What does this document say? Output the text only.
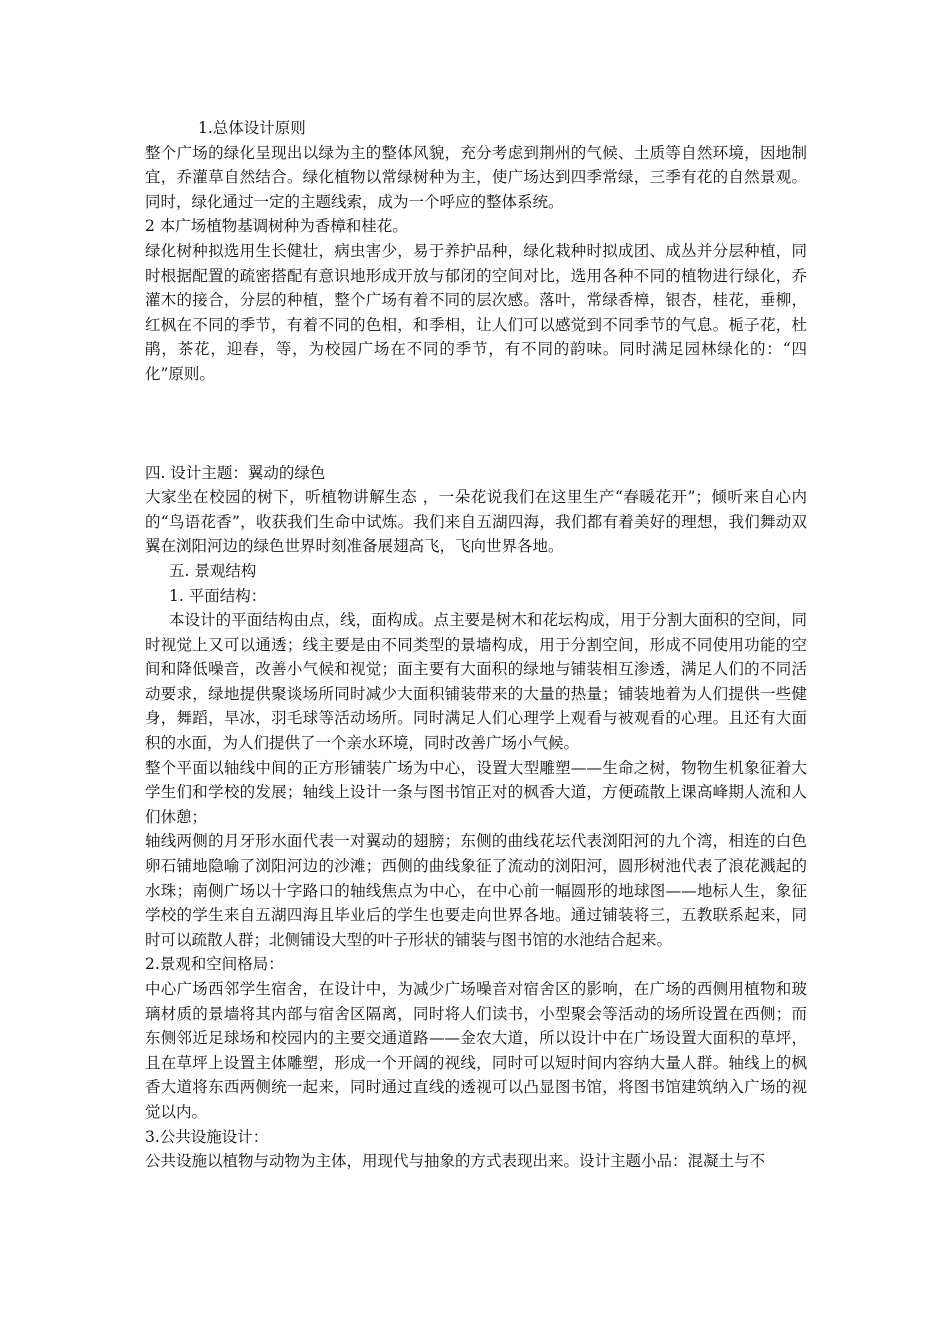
1.总体设计原则

整个广场的绿化呈现出以绿为主的整体风貌，充分考虑到荆州的气候、土质等自然环境，因地制宜，乔灌草自然结合。绿化植物以常绿树种为主，使广场达到四季常绿，三季有花的自然景观。同时，绿化通过一定的主题线索，成为一个呼应的整体系统。

2 本广场植物基调树种为香樟和桂花。

绿化树种拟选用生长健壮，病虫害少，易于养护品种，绿化栽种时拟成团、成丛并分层种植，同时根据配置的疏密搭配有意识地形成开放与郁闭的空间对比，选用各种不同的植物进行绿化，乔灌木的接合，分层的种植，整个广场有着不同的层次感。落叶，常绿香樟，银杏，桂花，垂柳，红枫在不同的季节，有着不同的色相，和季相，让人们可以感觉到不同季节的气息。栀子花，杜鹃，茶花，迎春，等，为校园广场在不同的季节，有不同的韵味。同时满足园林绿化的：“四化”原则。

四. 设计主题：翼动的绿色

大家坐在校园的树下，听植物讲解生态 ，一朵花说我们在这里生产“春暖花开”；倾听来自心内的“鸟语花香”，收获我们生命中试炼。我们来自五湖四海，我们都有着美好的理想，我们舞动双翼在浏阳河边的绿色世界时刻准备展翅高飞，飞向世界各地。

五. 景观结构

1. 平面结构：

本设计的平面结构由点，线，面构成。点主要是树木和花坛构成，用于分割大面积的空间，同时视觉上又可以通透；线主要是由不同类型的景墙构成，用于分割空间，形成不同使用功能的空间和降低噪音，改善小气候和视觉；面主要有大面积的绿地与铺装相互渗透，满足人们的不同活动要求，绿地提供聚谈场所同时减少大面积铺装带来的大量的热量；铺装地着为人们提供一些健身，舞蹈，旱冰，羽毛球等活动场所。同时满足人们心理学上观看与被观看的心理。且还有大面积的水面，为人们提供了一个亲水环境，同时改善广场小气候。

整个平面以轴线中间的正方形铺装广场为中心，设置大型雕塑——生命之树，物物生机象征着大学生们和学校的发展；轴线上设计一条与图书馆正对的枫香大道，方便疏散上课高峰期人流和人们休憩；

轴线两侧的月牙形水面代表一对翼动的翅膀；东侧的曲线花坛代表浏阳河的九个湾，相连的白色卵石铺地隐喻了浏阳河边的沙滩；西侧的曲线象征了流动的浏阳河，圆形树池代表了浪花溅起的水珠；南侧广场以十字路口的轴线焦点为中心，在中心前一幅圆形的地球图——地标人生，象征学校的学生来自五湖四海且毕业后的学生也要走向世界各地。通过铺装将三，五教联系起来，同时可以疏散人群；北侧铺设大型的叶子形状的铺装与图书馆的水池结合起来。

2.景观和空间格局：

中心广场西邻学生宿舍，在设计中，为减少广场噪音对宿舍区的影响，在广场的西侧用植物和玻璃材质的景墙将其内部与宿舍区隔离，同时将人们读书，小型聚会等活动的场所设置在西侧；而东侧邻近足球场和校园内的主要交通道路——金农大道，所以设计中在广场设置大面积的草坪，且在草坪上设置主体雕塑，形成一个开阔的视线，同时可以短时间内容纳大量人群。轴线上的枫香大道将东西两侧统一起来，同时通过直线的透视可以凸显图书馆，将图书馆建筑纳入广场的视觉以内。

3.公共设施设计：

公共设施以植物与动物为主体，用现代与抽象的方式表现出来。设计主题小品：混凝土与不
